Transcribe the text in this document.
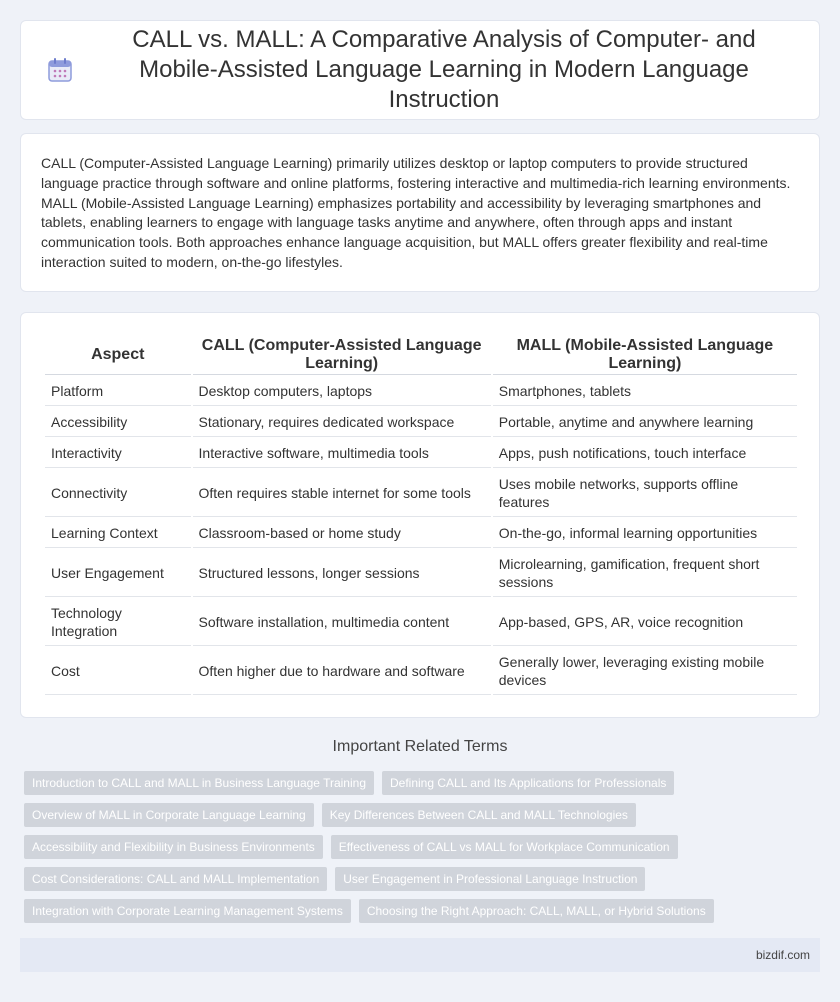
CALL vs. MALL: A Comparative Analysis of Computer- and Mobile-Assisted Language Learning in Modern Language Instruction

CALL (Computer-Assisted Language Learning) primarily utilizes desktop or laptop computers to provide structured language practice through software and online platforms, fostering interactive and multimedia-rich learning environments. MALL (Mobile-Assisted Language Learning) emphasizes portability and accessibility by leveraging smartphones and tablets, enabling learners to engage with language tasks anytime and anywhere, often through apps and instant communication tools. Both approaches enhance language acquisition, but MALL offers greater flexibility and real-time interaction suited to modern, on-the-go lifestyles.

Aspect	CALL (Computer-Assisted Language Learning)	MALL (Mobile-Assisted Language Learning)
Platform	Desktop computers, laptops	Smartphones, tablets
Accessibility	Stationary, requires dedicated workspace	Portable, anytime and anywhere learning
Interactivity	Interactive software, multimedia tools	Apps, push notifications, touch interface
Connectivity	Often requires stable internet for some tools	Uses mobile networks, supports offline features
Learning Context	Classroom-based or home study	On-the-go, informal learning opportunities
User Engagement	Structured lessons, longer sessions	Microlearning, gamification, frequent short sessions
Technology Integration	Software installation, multimedia content	App-based, GPS, AR, voice recognition
Cost	Often higher due to hardware and software	Generally lower, leveraging existing mobile devices
Important Related Terms
Introduction to CALL and MALL in Business Language Training	Defining CALL and Its Applications for Professionals
Overview of MALL in Corporate Language Learning	Key Differences Between CALL and MALL Technologies
Accessibility and Flexibility in Business Environments	Effectiveness of CALL vs MALL for Workplace Communication
Cost Considerations: CALL and MALL Implementation	User Engagement in Professional Language Instruction
Integration with Corporate Learning Management Systems	Choosing the Right Approach: CALL, MALL, or Hybrid Solutions
bizdif.com
